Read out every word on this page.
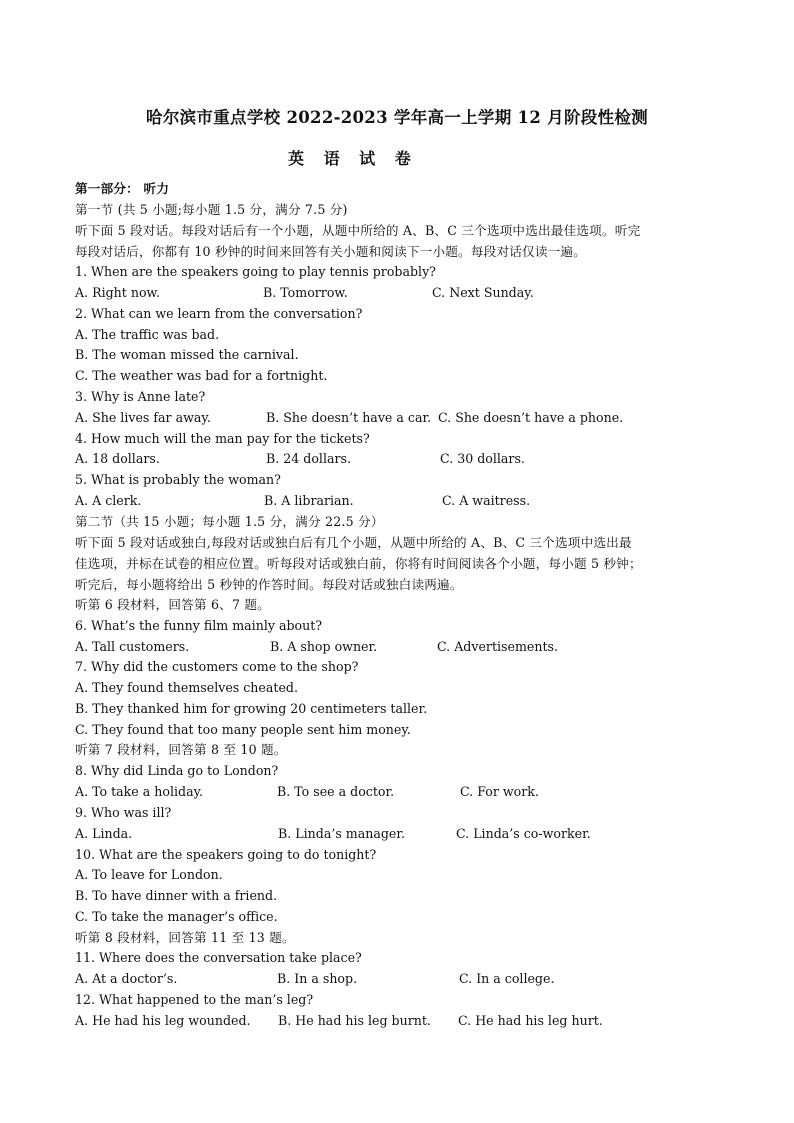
哈尔滨市重点学校 2022-2023 学年高一上学期 12 月阶段性检测
英 语 试 卷
第一部分： 听力
第一节 (共 5 小题;每小题 1.5 分，满分 7.5 分)
听下面 5 段对话。每段对话后有一个小题，从题中所给的 A、B、C 三个选项中选出最佳选项。听完
每段对话后，你都有 10 秒钟的时间来回答有关小题和阅读下一小题。每段对话仅读一遍。
1. When are the speakers going to play tennis probably?
A. Right now.	B. Tomorrow.	C. Next Sunday.
2. What can we learn from the conversation?
A. The traffic was bad.
B. The woman missed the carnival.
C. The weather was bad for a fortnight.
3. Why is Anne late?
A. She lives far away.	B. She doesn’t have a car. C. She doesn’t have a phone.
4. How much will the man pay for the tickets?
A. 18 dollars.	B. 24 dollars.	C. 30 dollars.
5. What is probably the woman?
A. A clerk.	B. A librarian.	C. A waitress.
第二节（共 15 小题；每小题 1.5 分，满分 22.5 分）
听下面 5 段对话或独白,每段对话或独白后有几个小题，从题中所给的 A、B、C 三个选项中选出最
佳选项，并标在试卷的相应位置。听每段对话或独白前，你将有时间阅读各个小题，每小题 5 秒钟；
听完后，每小题将给出 5 秒钟的作答时间。每段对话或独白读两遍。
听第 6 段材料，回答第 6、7 题。
6. What’s the funny film mainly about?
A. Tall customers.	B. A shop owner.	C. Advertisements.
7. Why did the customers come to the shop?
A. They found themselves cheated.
B. They thanked him for growing 20 centimeters taller.
C. They found that too many people sent him money.
听第 7 段材料，回答第 8 至 10 题。
8. Why did Linda go to London?
A. To take a holiday.	B. To see a doctor.	C. For work.
9. Who was ill?
A. Linda.	B. Linda’s manager.	C. Linda’s co-worker.
10. What are the speakers going to do tonight?
A. To leave for London.
B. To have dinner with a friend.
C. To take the manager’s office.
听第 8 段材料，回答第 11 至 13 题。
11. Where does the conversation take place?
A. At a doctor’s.	B. In a shop.	C. In a college.
12. What happened to the man’s leg?
A. He had his leg wounded. B. He had his leg burnt. C. He had his leg hurt.
